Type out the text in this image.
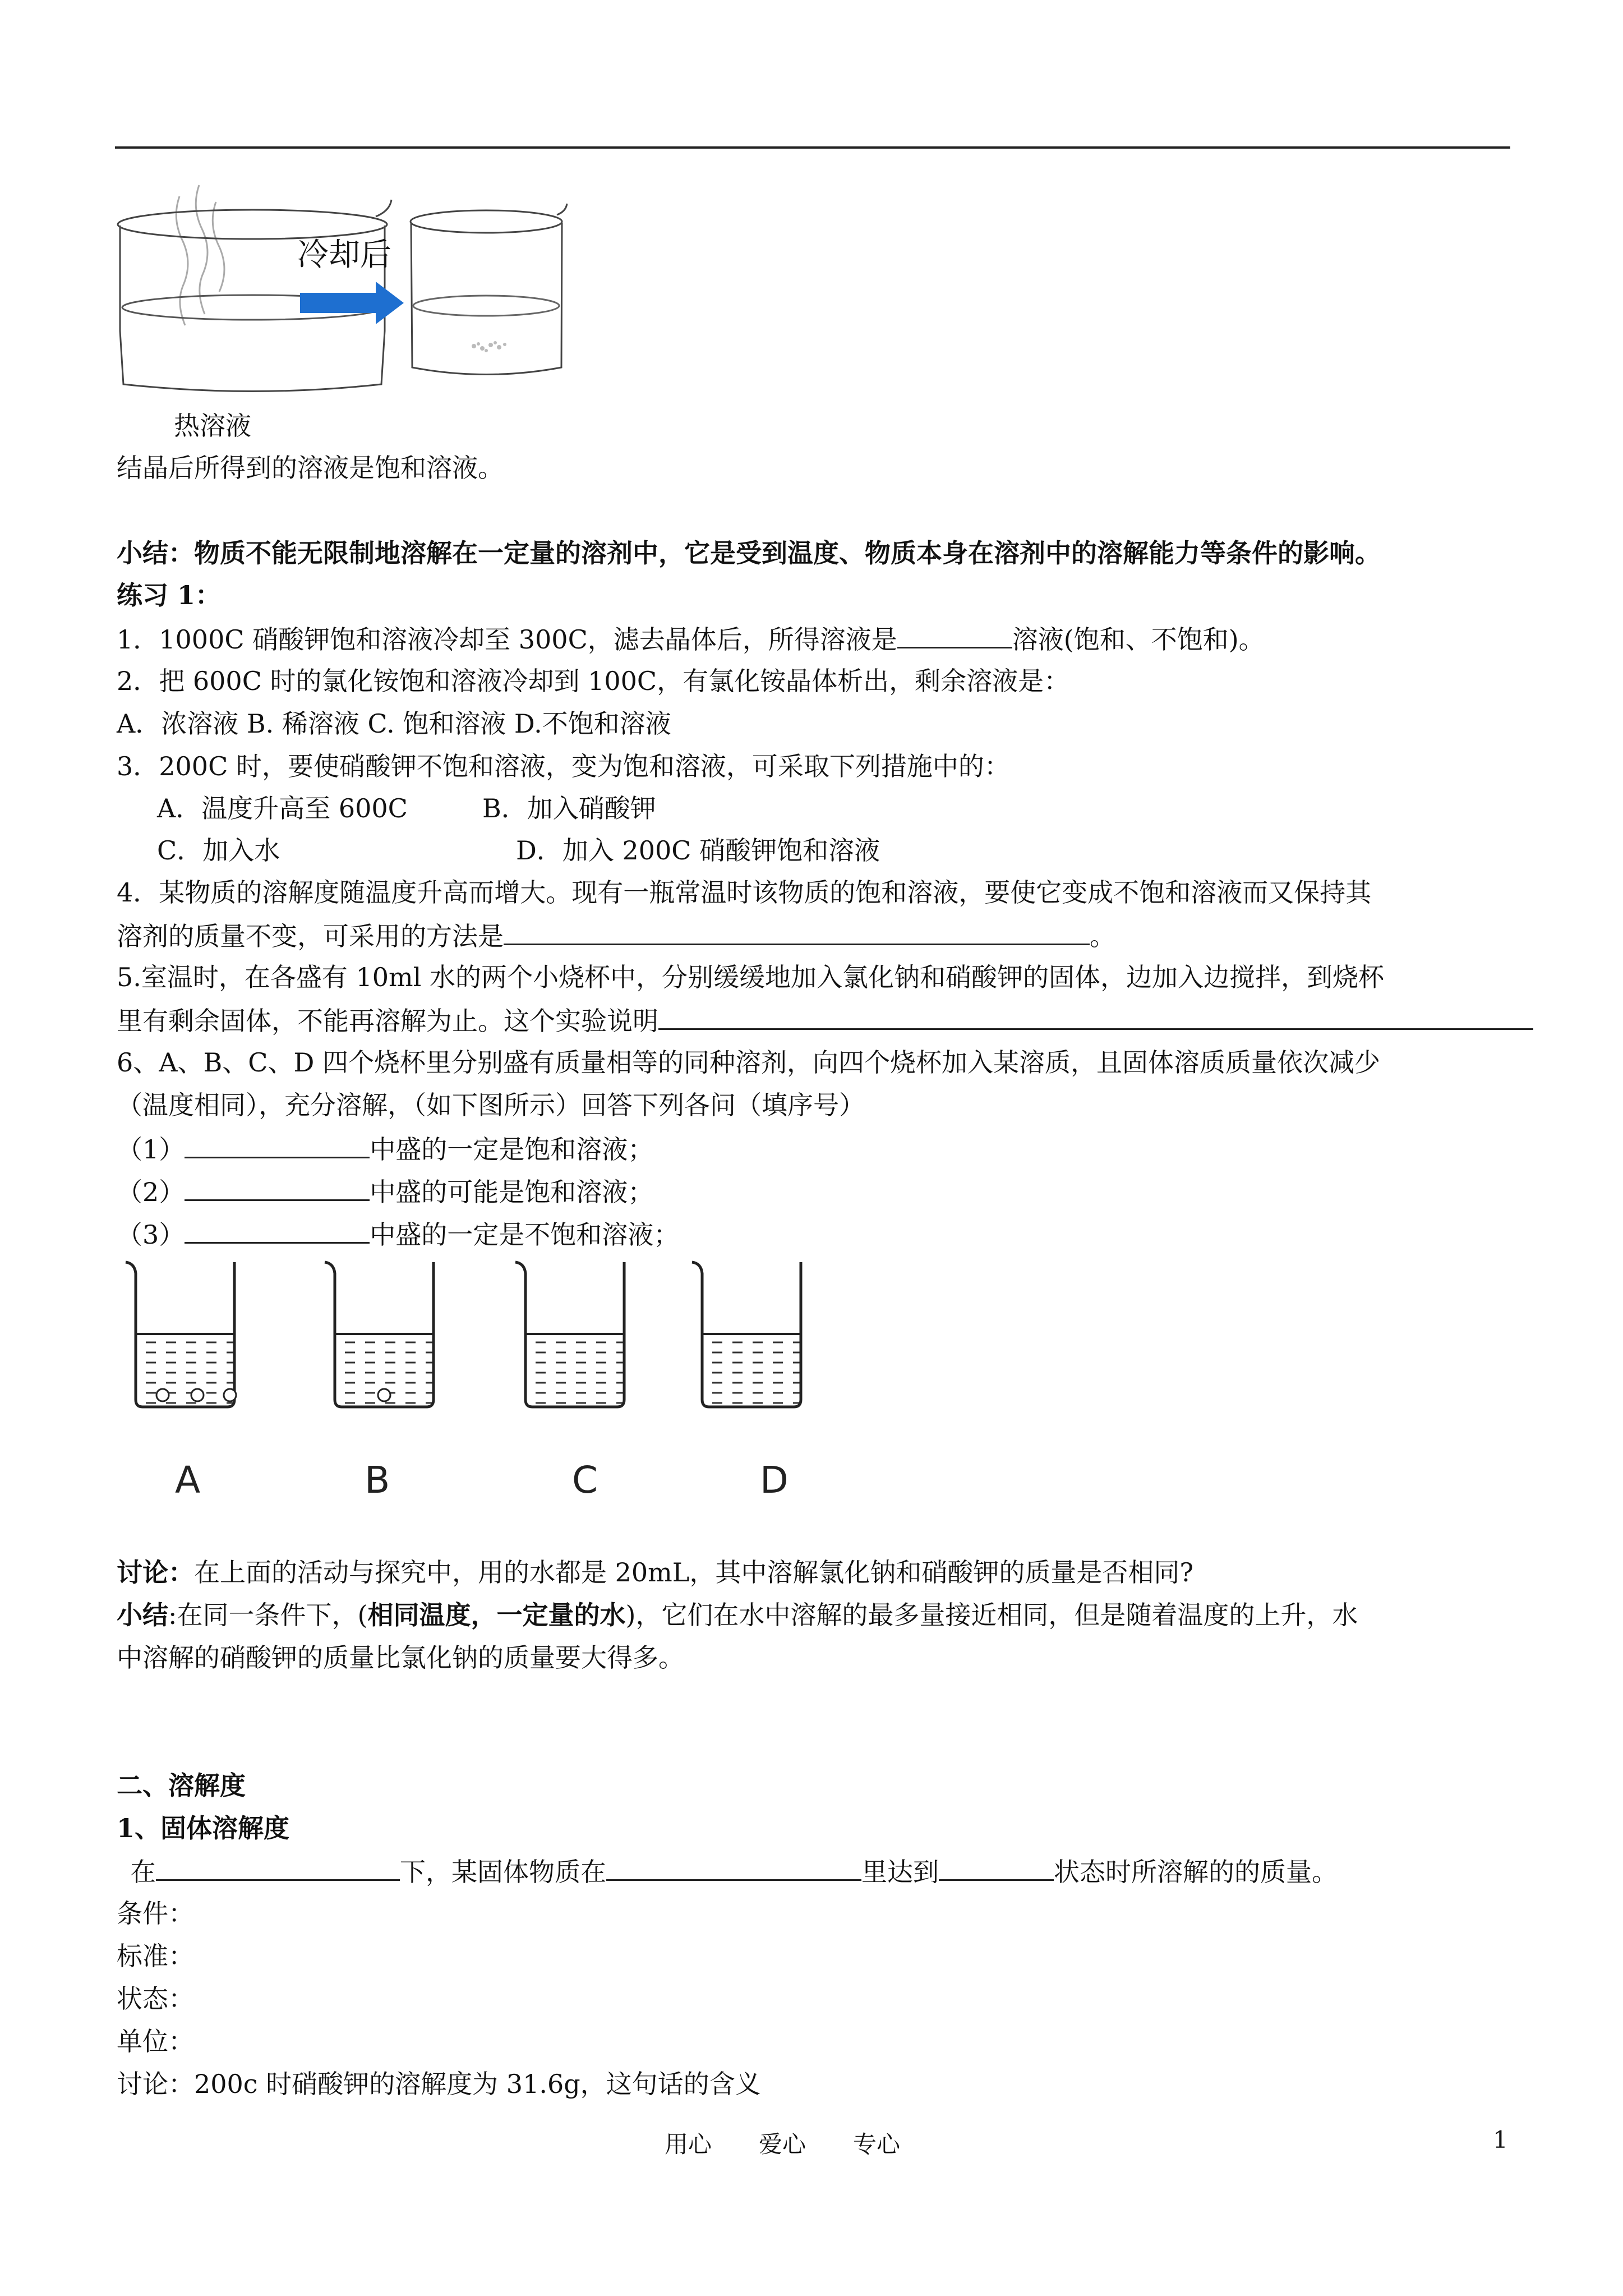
冷却后
热溶液
结晶后所得到的溶液是饱和溶液。
小结：物质不能无限制地溶解在一定量的溶剂中，它是受到温度、物质本身在溶剂中的溶解能力等条件的影响。
练习 1：
1．1000C 硝酸钾饱和溶液冷却至 300C，滤去晶体后，所得溶液是	溶液(饱和、不饱和)。
2．把 600C 时的氯化铵饱和溶液冷却到 100C，有氯化铵晶体析出，剩余溶液是：
A．浓溶液 B. 稀溶液 C. 饱和溶液 D.不饱和溶液
3．200C 时，要使硝酸钾不饱和溶液，变为饱和溶液，可采取下列措施中的：
A．温度升高至 600C	B．加入硝酸钾
C．加入水	D．加入 200C 硝酸钾饱和溶液
4．某物质的溶解度随温度升高而增大。现有一瓶常温时该物质的饱和溶液，要使它变成不饱和溶液而又保持其
溶剂的质量不变，可采用的方法是	。
5.室温时，在各盛有 10ml 水的两个小烧杯中，分别缓缓地加入氯化钠和硝酸钾的固体，边加入边搅拌，到烧杯
里有剩余固体，不能再溶解为止。这个实验说明
6、A、B、C、D 四个烧杯里分别盛有质量相等的同种溶剂，向四个烧杯加入某溶质，且固体溶质质量依次减少
（温度相同），充分溶解，（如下图所示）回答下列各问（填序号）
（1）	中盛的一定是饱和溶液；
（2）	中盛的可能是饱和溶液；
（3）	中盛的一定是不饱和溶液；
A	B	C	D
讨论：在上面的活动与探究中，用的水都是 20mL，其中溶解氯化钠和硝酸钾的质量是否相同?
小结:在同一条件下，(相同温度，一定量的水)，它们在水中溶解的最多量接近相同，但是随着温度的上升，水
中溶解的硝酸钾的质量比氯化钠的质量要大得多。
二、溶解度
1、固体溶解度
在	下，某固体物质在	里达到	状态时所溶解的的质量。
条件：
标准：
状态：
单位：
讨论：200c 时硝酸钾的溶解度为 31.6g，这句话的含义
用心　　爱心　　专心	1
